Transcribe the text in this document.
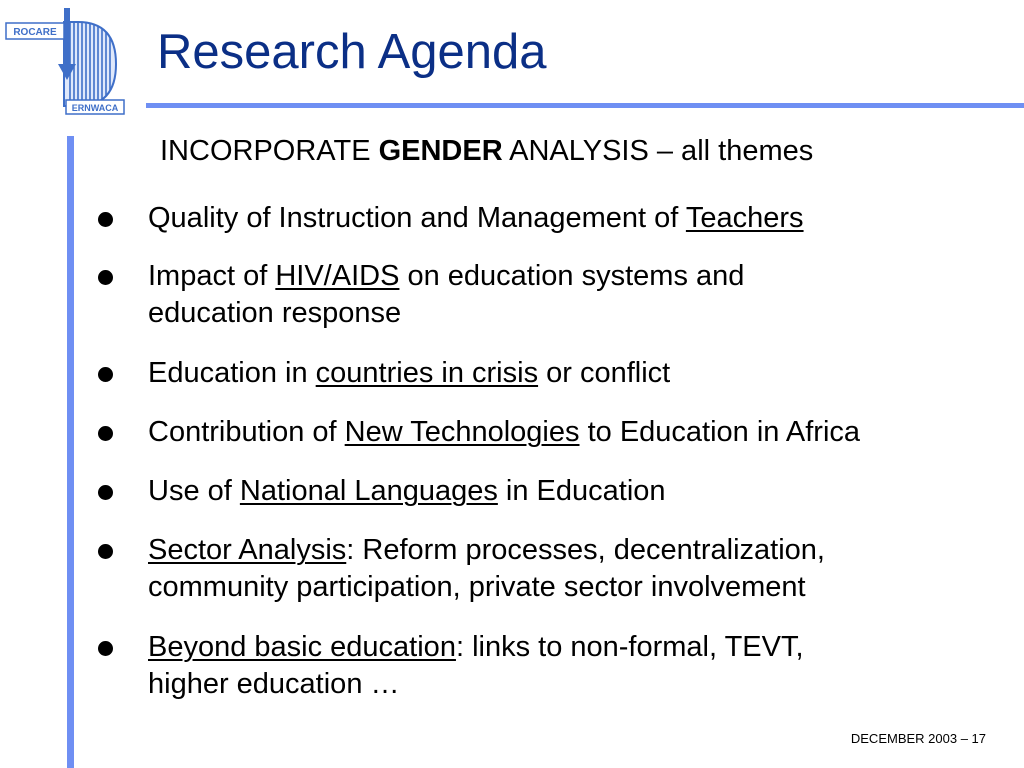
ROCARE
ERNWACA
Research Agenda

INCORPORATE GENDER ANALYSIS – all themes

Quality of Instruction and Management of Teachers

Impact of HIV/AIDS on education systems and
education response

Education in countries in crisis or conflict

Contribution of New Technologies to Education in Africa

Use of National Languages in Education

Sector Analysis: Reform processes, decentralization,
community participation, private sector involvement

Beyond basic education: links to non-formal, TEVT,
higher education …

DECEMBER 2003 – 17
